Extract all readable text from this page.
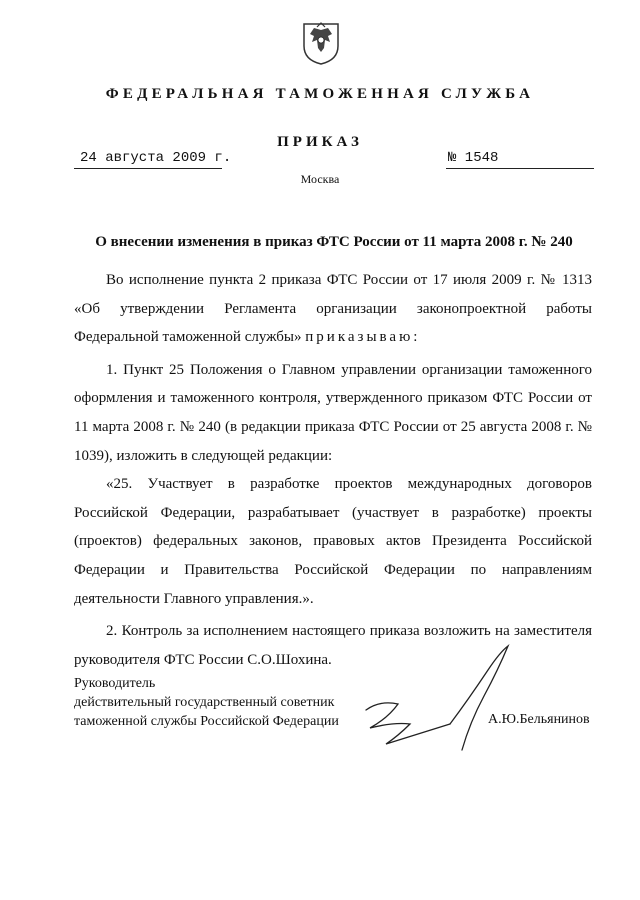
ФЕДЕРАЛЬНАЯ ТАМОЖЕННАЯ СЛУЖБА
ПРИКАЗ
24 августа 2009 г.	№ 1548
Москва
О внесении изменения в приказ ФТС России от 11 марта 2008 г. № 240

Во исполнение пункта 2 приказа ФТС России от 17 июля 2009 г. № 1313 «Об утверждении Регламента организации законопроектной работы Федеральной таможенной службы» приказываю:

1. Пункт 25 Положения о Главном управлении организации таможенного оформления и таможенного контроля, утвержденного приказом ФТС России от 11 марта 2008 г. № 240 (в редакции приказа ФТС России от 25 августа 2008 г. № 1039), изложить в следующей редакции:

«25. Участвует в разработке проектов международных договоров Российской Федерации, разрабатывает (участвует в разработке) проекты (проектов) федеральных законов, правовых актов Президента Российской Федерации и Правительства Российской Федерации по направлениям деятельности Главного управления.».

2. Контроль за исполнением настоящего приказа возложить на заместителя руководителя ФТС России С.О.Шохина.

Руководитель
действительный государственный советник
таможенной службы Российской Федерации	А.Ю.Бельянинов
